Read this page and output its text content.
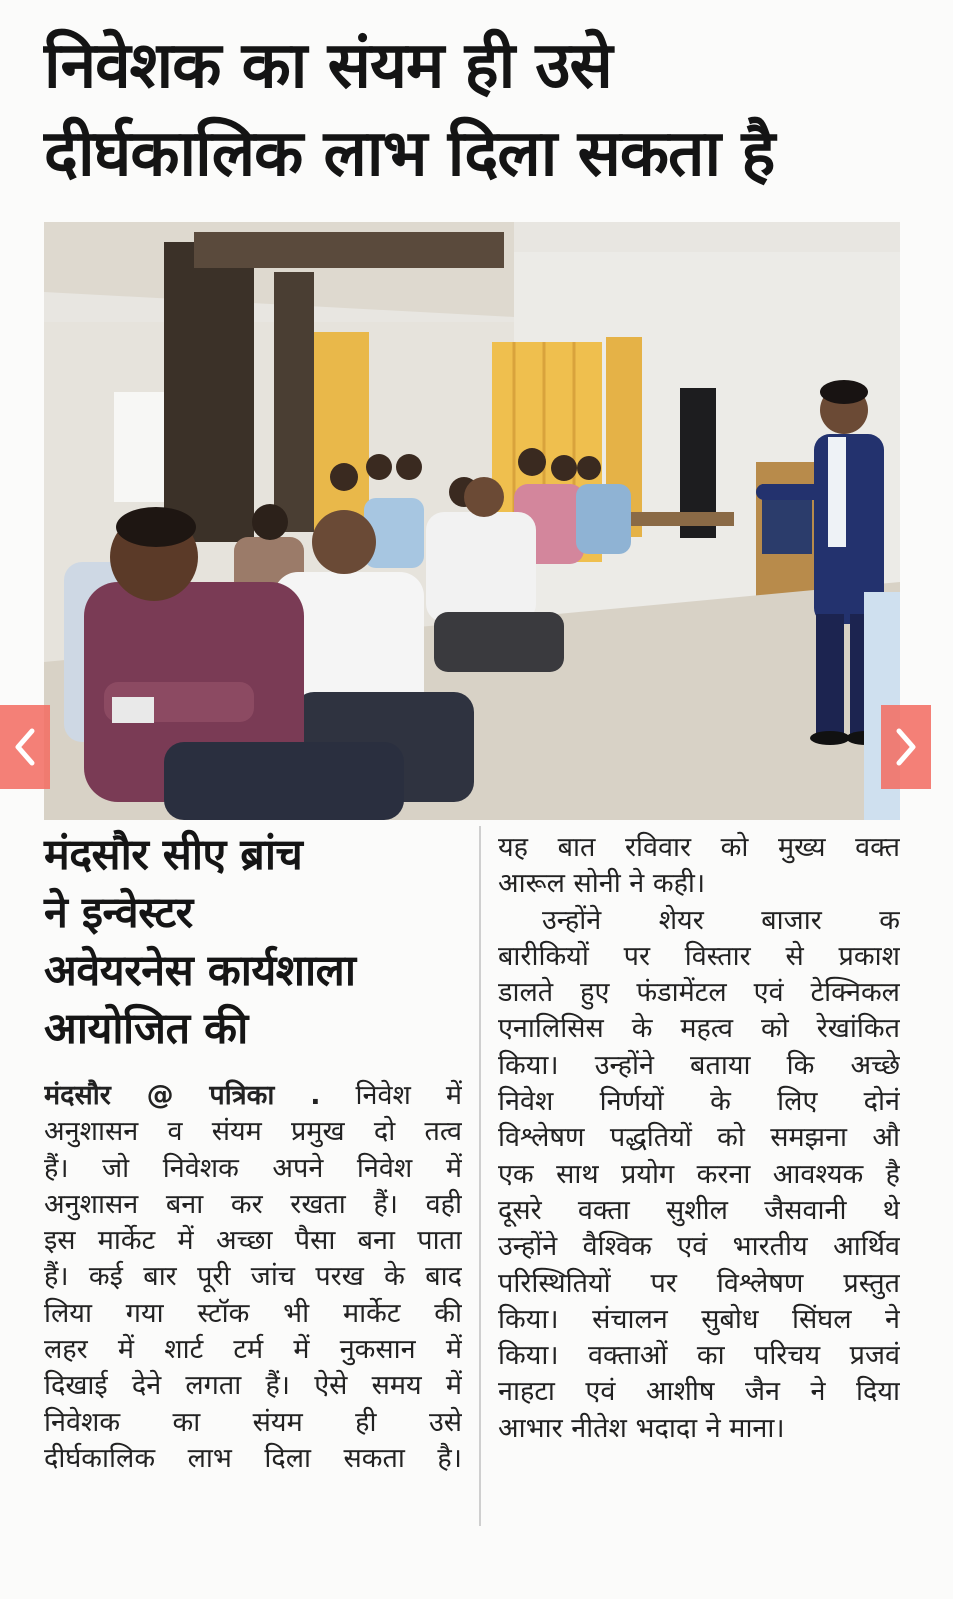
निवेशक का संयम ही उसे
दीर्घकालिक लाभ दिला सकता है
मंदसौर सीए ब्रांच
ने इन्वेस्टर
अवेयरनेस कार्यशाला
आयोजित की
मंदसौर @ पत्रिका . निवेश में
अनुशासन व संयम प्रमुख दो तत्व
हैं। जो निवेशक अपने निवेश में
अनुशासन बना कर रखता हैं। वही
इस मार्केट में अच्छा पैसा बना पाता
हैं। कई बार पूरी जांच परख के बाद
लिया गया स्टॉक भी मार्केट की
लहर में शार्ट टर्म में नुकसान में
दिखाई देने लगता हैं। ऐसे समय में
निवेशक का संयम ही उसे
दीर्घकालिक लाभ दिला सकता है।
यह बात रविवार को मुख्य वक्त
आरूल सोनी ने कही।
उन्होंने शेयर बाजार क
बारीकियों पर विस्तार से प्रकाश
डालते हुए फंडामेंटल एवं टेक्निकल
एनालिसिस के महत्व को रेखांकित
किया। उन्होंने बताया कि अच्छे
निवेश निर्णयों के लिए दोनं
विश्लेषण पद्धतियों को समझना औ
एक साथ प्रयोग करना आवश्यक है
दूसरे वक्ता सुशील जैसवानी थे
उन्होंने वैश्विक एवं भारतीय आर्थिव
परिस्थितियों पर विश्लेषण प्रस्तुत
किया। संचालन सुबोध सिंघल ने
किया। वक्ताओं का परिचय प्रजवं
नाहटा एवं आशीष जैन ने दिया
आभार नीतेश भदादा ने माना।
